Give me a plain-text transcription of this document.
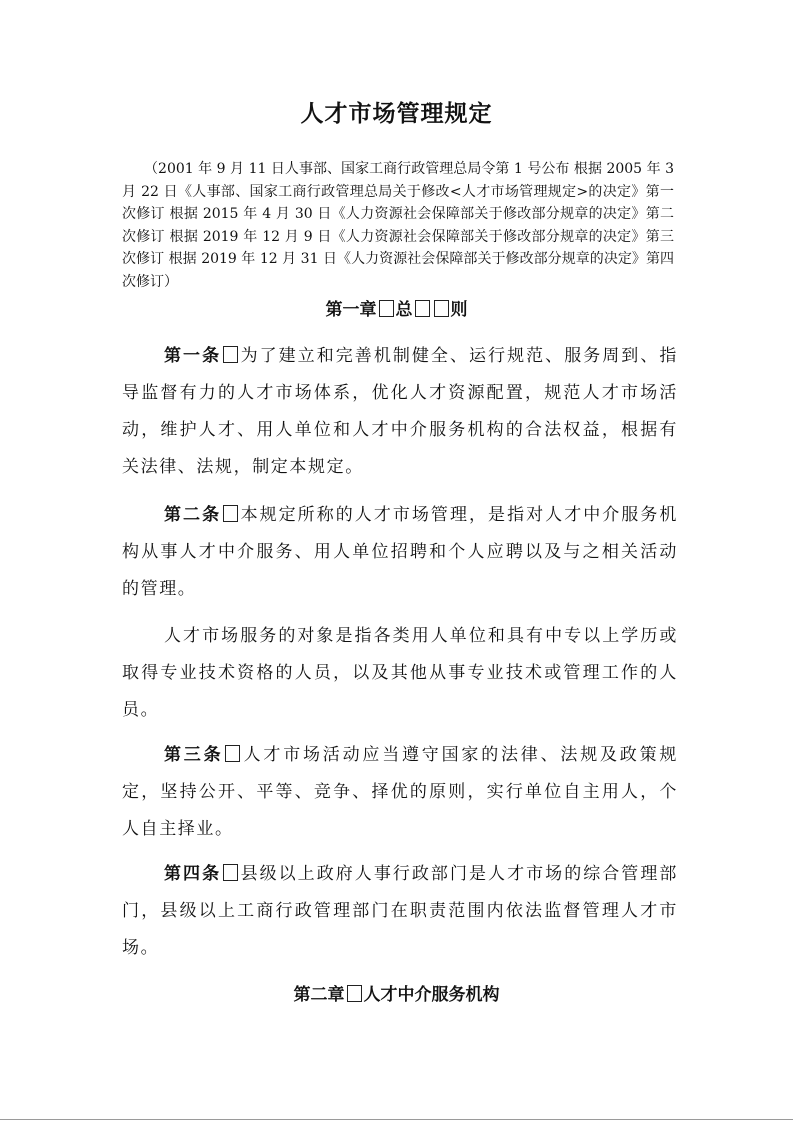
人才市场管理规定

（2001 年 9 月 11 日人事部、国家工商行政管理总局令第 1 号公布 根据 2005 年 3 月 22 日《人事部、国家工商行政管理总局关于修改<人才市场管理规定>的决定》第一次修订 根据 2015 年 4 月 30 日《人力资源社会保障部关于修改部分规章的决定》第二次修订 根据 2019 年 12 月 9 日《人力资源社会保障部关于修改部分规章的决定》第三次修订 根据 2019 年 12 月 31 日《人力资源社会保障部关于修改部分规章的决定》第四次修订）

第一章 总 则

第一条 为了建立和完善机制健全、运行规范、服务周到、指导监督有力的人才市场体系，优化人才资源配置，规范人才市场活动，维护人才、用人单位和人才中介服务机构的合法权益，根据有关法律、法规，制定本规定。

第二条 本规定所称的人才市场管理，是指对人才中介服务机构从事人才中介服务、用人单位招聘和个人应聘以及与之相关活动的管理。

人才市场服务的对象是指各类用人单位和具有中专以上学历或取得专业技术资格的人员，以及其他从事专业技术或管理工作的人员。

第三条 人才市场活动应当遵守国家的法律、法规及政策规定，坚持公开、平等、竞争、择优的原则，实行单位自主用人，个人自主择业。

第四条 县级以上政府人事行政部门是人才市场的综合管理部门，县级以上工商行政管理部门在职责范围内依法监督管理人才市场。

第二章 人才中介服务机构
